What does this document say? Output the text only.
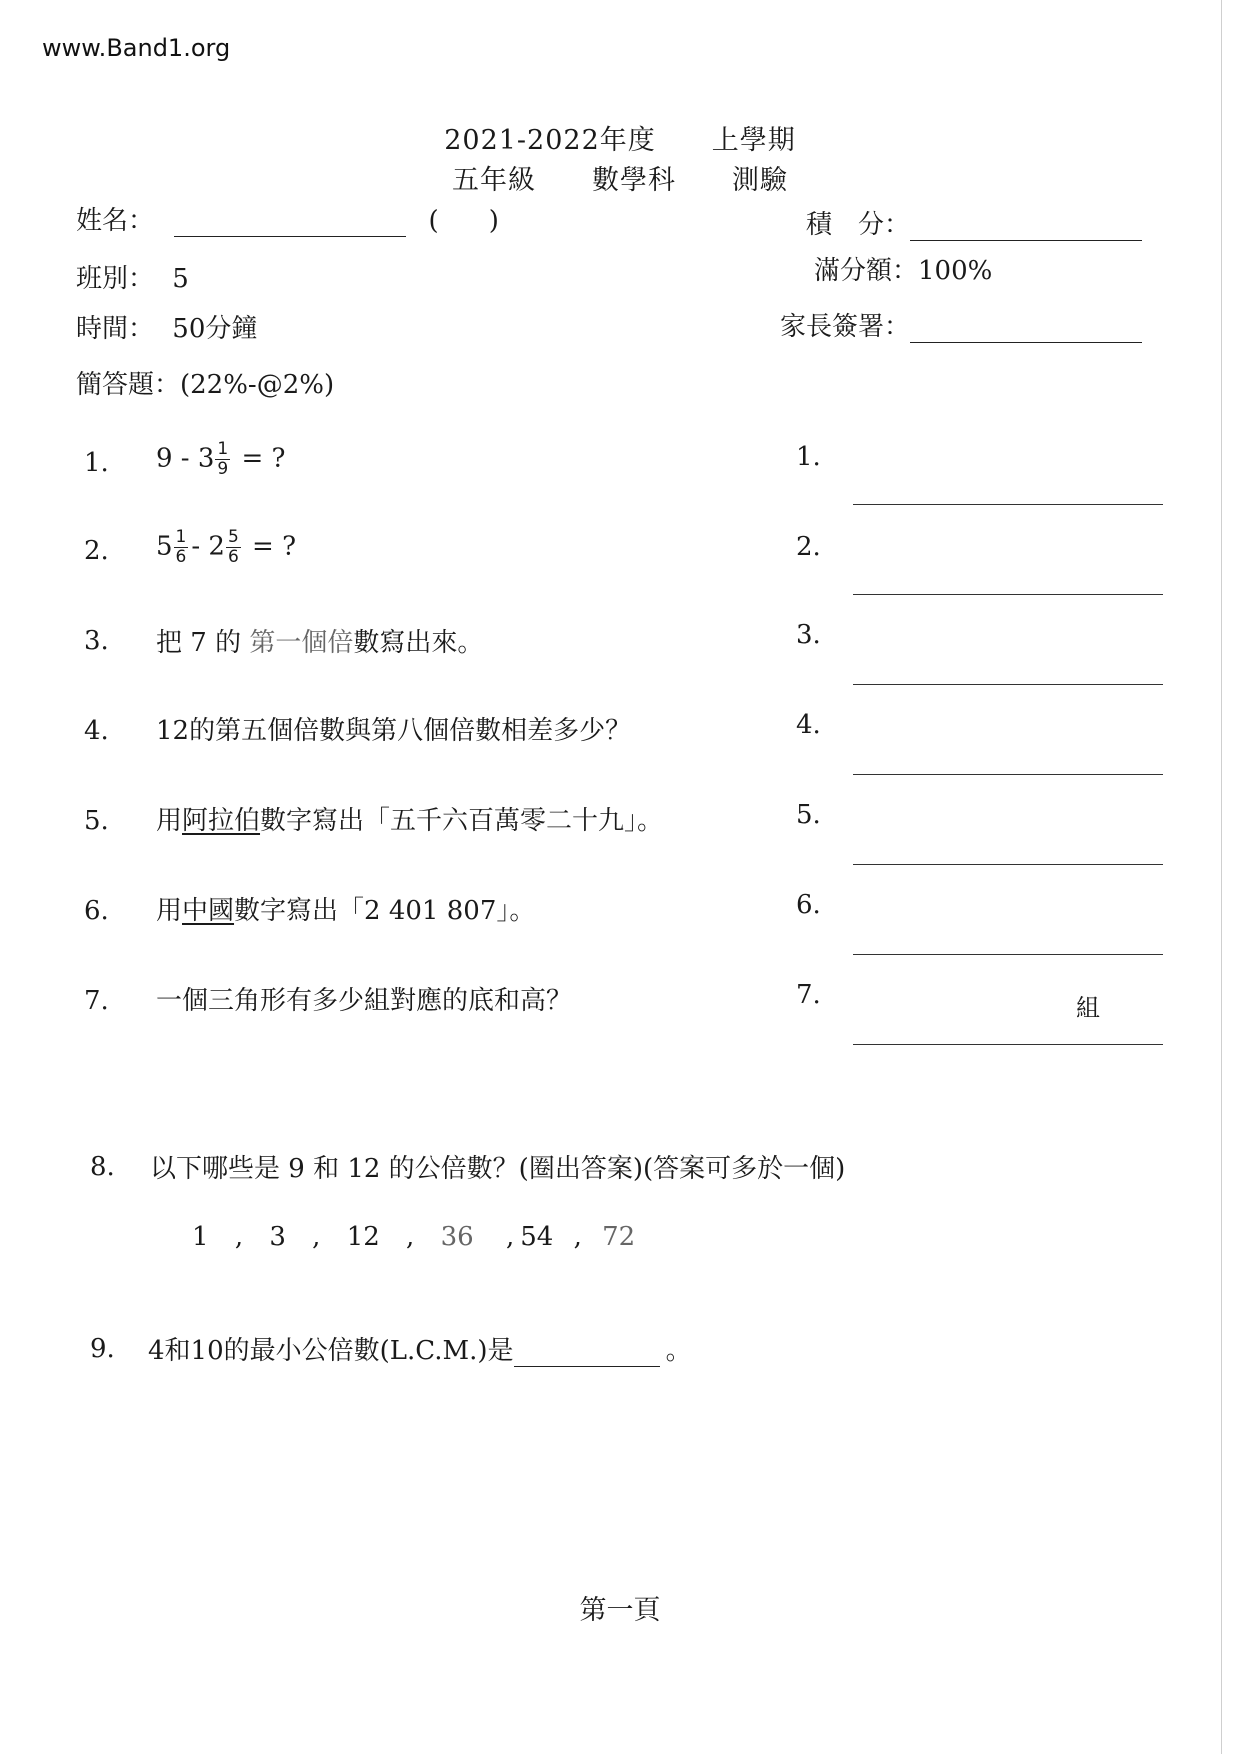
www.Band1.org
2021-2022年度 上學期
五年級 數學科 測驗
姓名：	( )	積　分：
班別： 5	滿分額：100%
時間： 50分鐘	家長簽署：
簡答題：(22%-@2%)
1. $9 - 3 \frac{1}{9}$ = ?
2. $5 \frac{1}{6} - 2 \frac{5}{6}$ = ?
3. 把 7 的 第一個倍數寫出來。
4. 12的第五個倍數與第八個倍數相差多少？
5. 用阿拉伯數字寫出「五千六百萬零二十九」。
6. 用中國數字寫出「2 401 807」。
7. 一個三角形有多少組對應的底和高？
1.
2.
3.
4.
5.
6.
7.	組
8. 以下哪些是 9 和 12 的公倍數？(圈出答案)(答案可多於一個)
1 , 3 , 12 , 36 , 54 , 72
9. 4和10的最小公倍數(L.C.M.)是	。
第一頁
